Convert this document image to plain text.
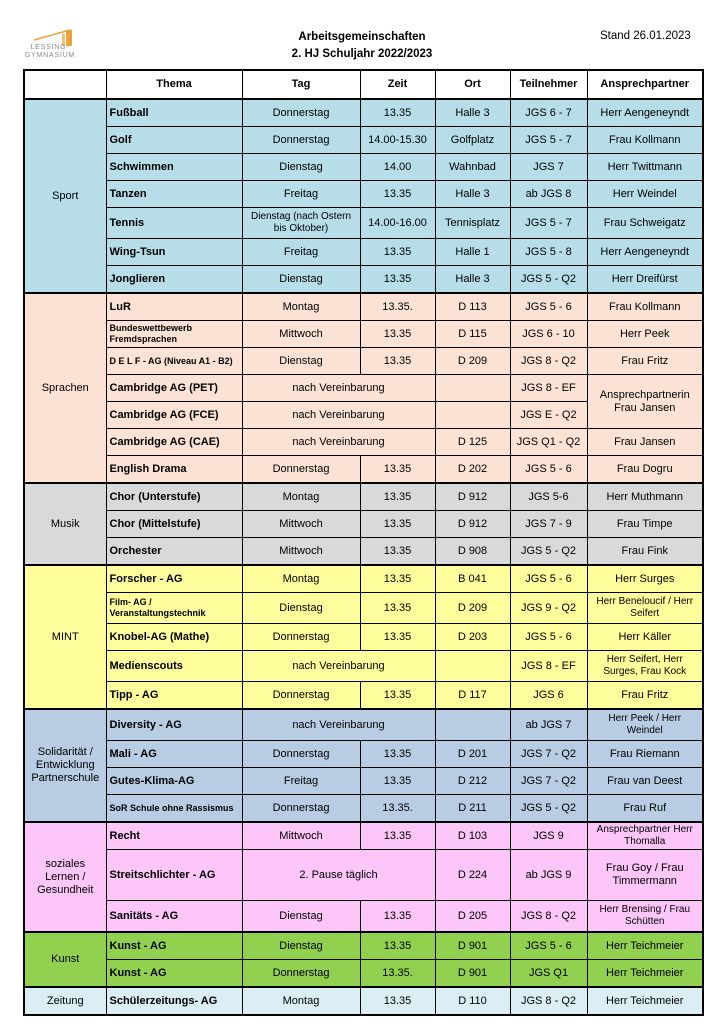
LESSING-
GYMNASIUM
Arbeitsgemeinschaften
2. HJ Schuljahr 2022/2023
Stand 26.01.2023
	Thema	Tag	Zeit	Ort	Teilnehmer	Ansprechpartner
Sport	Fußball	Donnerstag	13.35	Halle 3	JGS 6 - 7	Herr Aengeneyndt
	Golf	Donnerstag	14.00-15.30	Golfplatz	JGS 5 - 7	Frau Kollmann
	Schwimmen	Dienstag	14.00	Wahnbad	JGS 7	Herr Twittmann
	Tanzen	Freitag	13.35	Halle 3	ab JGS 8	Herr Weindel
	Tennis	Dienstag (nach Ostern bis Oktober)	14.00-16.00	Tennisplatz	JGS 5 - 7	Frau Schweigatz
	Wing-Tsun	Freitag	13.35	Halle 1	JGS 5 - 8	Herr Aengeneyndt
	Jonglieren	Dienstag	13.35	Halle 3	JGS 5 - Q2	Herr Dreifürst
Sprachen	LuR	Montag	13.35.	D 113	JGS 5 - 6	Frau Kollmann
	Bundeswettbewerb Fremdsprachen	Mittwoch	13.35	D 115	JGS 6 - 10	Herr Peek
	D E L F - AG (Niveau A1 - B2)	Dienstag	13.35	D 209	JGS 8 - Q2	Frau Fritz
	Cambridge AG (PET)	nach Vereinbarung			JGS 8 - EF	Ansprechpartnerin Frau Jansen
	Cambridge AG (FCE)	nach Vereinbarung			JGS E - Q2	
	Cambridge AG (CAE)	nach Vereinbarung		D 125	JGS Q1 - Q2	Frau Jansen
	English Drama	Donnerstag	13.35	D 202	JGS 5 - 6	Frau Dogru
Musik	Chor (Unterstufe)	Montag	13.35	D 912	JGS 5-6	Herr Muthmann
	Chor (Mittelstufe)	Mittwoch	13.35	D 912	JGS 7 - 9	Frau Timpe
	Orchester	Mittwoch	13.35	D 908	JGS 5 - Q2	Frau Fink
MINT	Forscher - AG	Montag	13.35	B 041	JGS 5 - 6	Herr Surges
	Film- AG / Veranstaltungstechnik	Dienstag	13.35	D 209	JGS 9 - Q2	Herr Beneloucif / Herr Seifert
	Knobel-AG (Mathe)	Donnerstag	13.35	D 203	JGS 5 - 6	Herr Käller
	Medienscouts	nach Vereinbarung			JGS 8 - EF	Herr Seifert, Herr Surges, Frau Kock
	Tipp - AG	Donnerstag	13.35	D 117	JGS 6	Frau Fritz
Solidarität / Entwicklung Partnerschule	Diversity - AG	nach Vereinbarung			ab JGS 7	Herr Peek / Herr Weindel
	Mali - AG	Donnerstag	13.35	D 201	JGS 7 - Q2	Frau Riemann
	Gutes-Klima-AG	Freitag	13.35	D 212	JGS 7 - Q2	Frau van Deest
	SoR Schule ohne Rassismus	Donnerstag	13.35.	D 211	JGS 5 - Q2	Frau Ruf
soziales Lernen / Gesundheit	Recht	Mittwoch	13.35	D 103	JGS 9	Ansprechpartner Herr Thomalla
	Streitschlichter - AG	2. Pause täglich		D 224	ab JGS 9	Frau Goy / Frau Timmermann
	Sanitäts - AG	Dienstag	13.35	D 205	JGS 8 - Q2	Herr Brensing / Frau Schütten
Kunst	Kunst - AG	Dienstag	13.35	D 901	JGS 5 - 6	Herr Teichmeier
	Kunst - AG	Donnerstag	13.35.	D 901	JGS Q1	Herr Teichmeier
Zeitung	Schülerzeitungs- AG	Montag	13.35	D 110	JGS 8 - Q2	Herr Teichmeier
